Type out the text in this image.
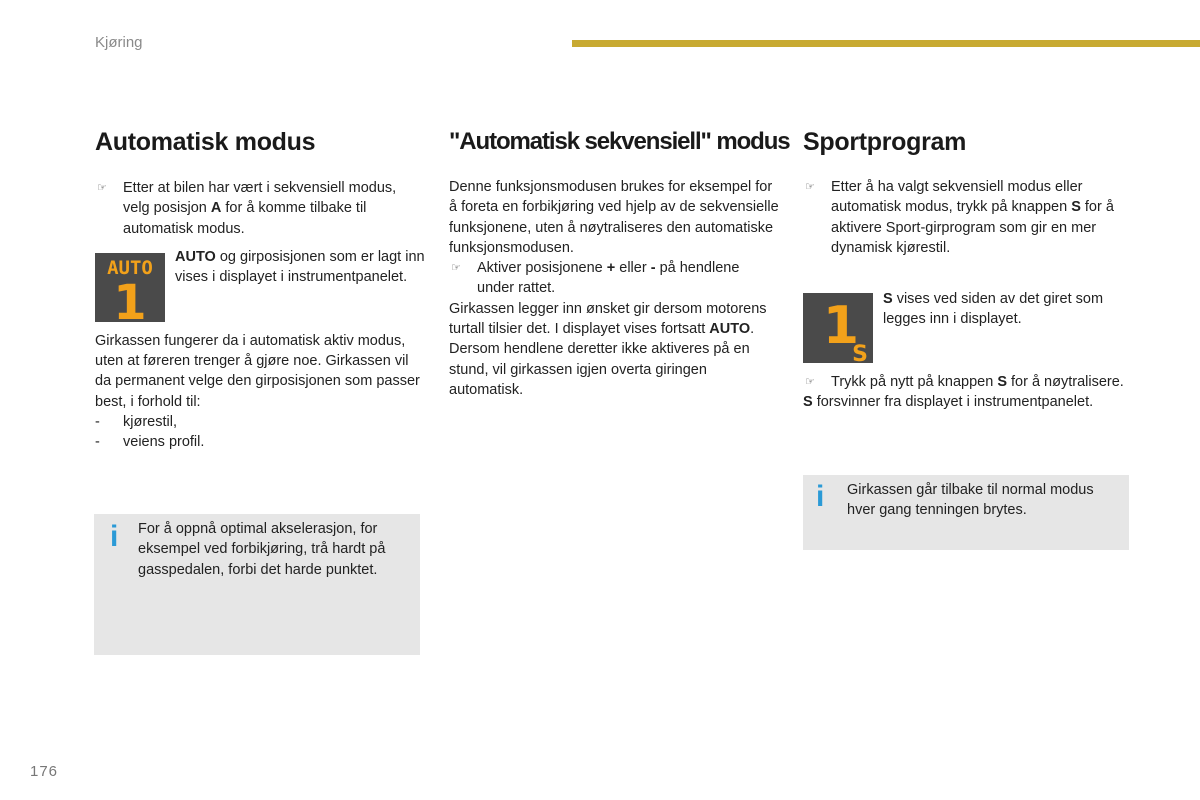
Kjøring
Automatisk modus

☞ Etter at bilen har vært i sekvensiell modus, velg posisjon A for å komme tilbake til automatisk modus.

AUTO
1

AUTO og girposisjonen som er lagt inn vises i displayet i instrumentpanelet.

Girkassen fungerer da i automatisk aktiv modus, uten at føreren trenger å gjøre noe. Girkassen vil da permanent velge den girposisjonen som passer best, i forhold til:

- kjørestil,

- veiens profil.

i For å oppnå optimal akselerasjon, for eksempel ved forbikjøring, trå hardt på gasspedalen, forbi det harde punktet.
"Automatisk sekvensiell" modus

Denne funksjonsmodusen brukes for eksempel for å foreta en forbikjøring ved hjelp av de sekvensielle funksjonene, uten å nøytraliseres den automatiske funksjonsmodusen.

☞ Aktiver posisjonene + eller - på hendlene under rattet.

Girkassen legger inn ønsket gir dersom motorens turtall tilsier det. I displayet vises fortsatt AUTO.

Dersom hendlene deretter ikke aktiveres på en stund, vil girkassen igjen overta giringen automatisk.

Sportprogram

☞ Etter å ha valgt sekvensiell modus eller automatisk modus, trykk på knappen S for å aktivere Sport-girprogram som gir en mer dynamisk kjørestil.

1
S

S vises ved siden av det giret som legges inn i displayet.

☞ Trykk på nytt på knappen S for å nøytralisere.

S forsvinner fra displayet i instrumentpanelet.

i Girkassen går tilbake til normal modus hver gang tenningen brytes.
176
